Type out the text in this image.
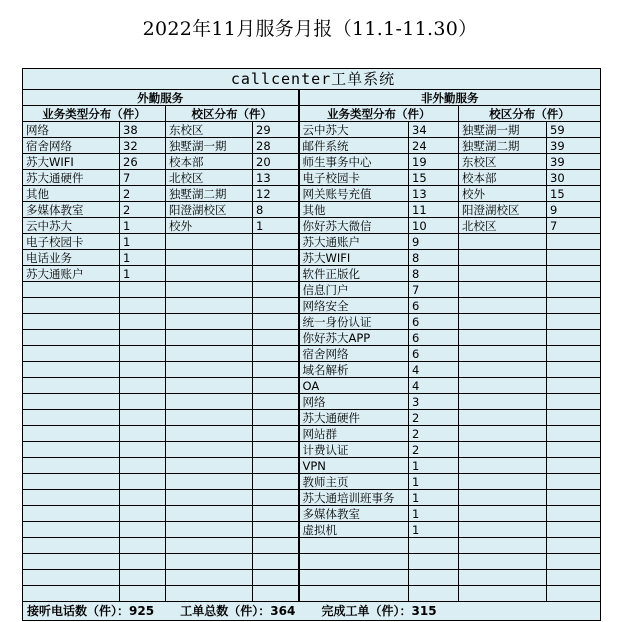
2022年11月服务月报（11.1-11.30）
callcenter工单系统							
外勤服务				非外勤服务			
业务类型分布（件）		校区分布（件）		业务类型分布（件）		校区分布（件）	
网络	38	东校区	29	云中苏大	34	独墅湖一期	59
宿舍网络	32	独墅湖一期	28	邮件系统	24	独墅湖二期	39
苏大WIFI	26	校本部	20	师生事务中心	19	东校区	39
苏大通硬件	7	北校区	13	电子校园卡	15	校本部	30
其他	2	独墅湖二期	12	网关账号充值	13	校外	15
多媒体教室	2	阳澄湖校区	8	其他	11	阳澄湖校区	9
云中苏大	1	校外	1	你好苏大微信	10	北校区	7
电子校园卡	1			苏大通账户	9		
电话业务	1			苏大WIFI	8		
苏大通账户	1			软件正版化	8		
				信息门户	7		
				网络安全	6		
				统一身份认证	6		
				你好苏大APP	6		
				宿舍网络	6		
				域名解析	4		
				OA	4		
				网络	3		
				苏大通硬件	2		
				网站群	2		
				计费认证	2		
				VPN	1		
				教师主页	1		
				苏大通培训班事务	1		
				多媒体教室	1		
				虚拟机	1		

接听电话数（件）：925 工单总数（件）：364 完成工单（件）：315							
